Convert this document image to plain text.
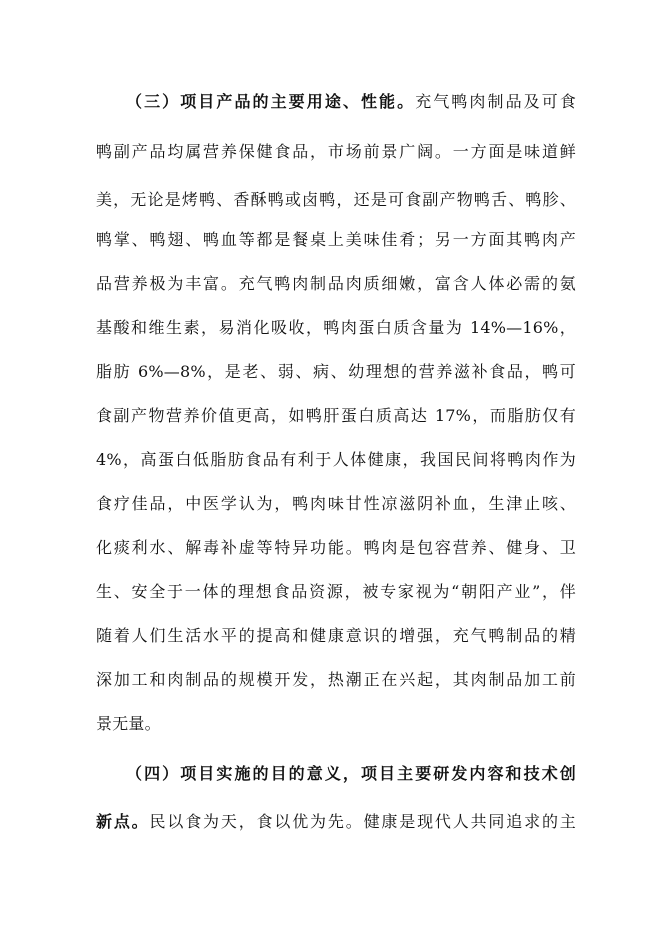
（三）项目产品的主要用途、性能。充气鸭肉制品及可食
鸭副产品均属营养保健食品，市场前景广阔。一方面是味道鲜
美，无论是烤鸭、香酥鸭或卤鸭，还是可食副产物鸭舌、鸭胗、
鸭掌、鸭翅、鸭血等都是餐桌上美味佳肴；另一方面其鸭肉产
品营养极为丰富。充气鸭肉制品肉质细嫩，富含人体必需的氨
基酸和维生素，易消化吸收，鸭肉蛋白质含量为 14%—16%，
脂肪 6%—8%，是老、弱、病、幼理想的营养滋补食品，鸭可
食副产物营养价值更高，如鸭肝蛋白质高达 17%，而脂肪仅有
4%，高蛋白低脂肪食品有利于人体健康，我国民间将鸭肉作为
食疗佳品，中医学认为，鸭肉味甘性凉滋阴补血，生津止咳、
化痰利水、解毒补虚等特异功能。鸭肉是包容营养、健身、卫
生、安全于一体的理想食品资源，被专家视为“朝阳产业”，伴
随着人们生活水平的提高和健康意识的增强，充气鸭制品的精
深加工和肉制品的规模开发，热潮正在兴起，其肉制品加工前
景无量。
（四）项目实施的目的意义，项目主要研发内容和技术创
新点。民以食为天，食以优为先。健康是现代人共同追求的主
